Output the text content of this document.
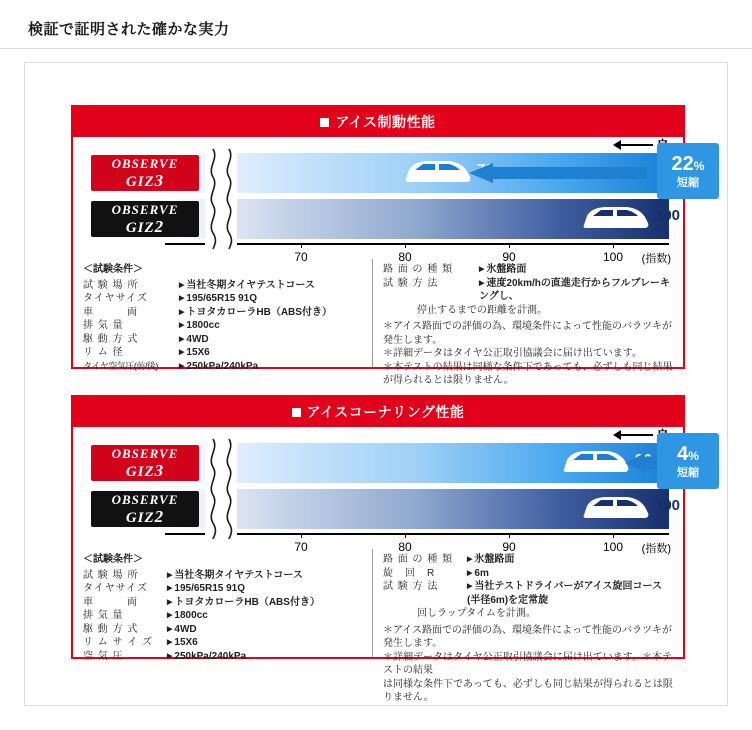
検証で証明された確かな実力
アイス制動性能
100
22%
短縮
OBSERVE
GIZ3
OBSERVE
GIZ2
70	80	90	100 (指数)
＜試験条件＞
試 験 場 所	▶ 当社冬期タイヤテストコース
タイヤサイズ	▶ 195/65R15 91Q
車　　　両	▶ トヨタカローラHB（ABS付き）
排 気 量	▶ 1800cc
駆 動 方 式	▶ 4WD
リ ム 径	▶ 15X6
タイヤ空気圧(前/後)	▶ 250kPa/240kPa
路 面 の 種 類	▶ 氷盤路面
試 験 方 法	▶ 速度20km/hの直進走行からフルブレーキングし、
停止するまでの距離を計測。

＊アイス路面での評価の為、環境条件によって性能のバラツキが発生します。

＊詳細データはタイヤ公正取引協議会に届け出ています。

＊本テストの結果は同様な条件下であっても、必ずしも同じ結果が得られるとは限りません。

アイスコーナリング性能
100
4%
短縮
OBSERVE
GIZ3
OBSERVE
GIZ2
70	80	90	100 (指数)
＜試験条件＞
試 験 場 所	▶ 当社冬期タイヤテストコース
タイヤサイズ	▶ 195/65R15 91Q
車　　　両	▶ トヨタカローラHB（ABS付き）
排 気 量	▶ 1800cc
駆 動 方 式	▶ 4WD
リ ム サ イ ズ	▶ 15X6
空 気 圧	▶ 250kPa/240kPa
路 面 の 種 類	▶ 氷盤路面
旋　回　R	▶ 6m
試 験 方 法	▶ 当社テストドライバーがアイス旋回コース(半径6m)を定常旋
回しラップタイムを計測。

＊アイス路面での評価の為、環境条件によって性能のバラツキが発生します。

＊詳細データはタイヤ公正取引協議会に届け出ています。＊本テストの結果

は同様な条件下であっても、必ずしも同じ結果が得られるとは限りません。
